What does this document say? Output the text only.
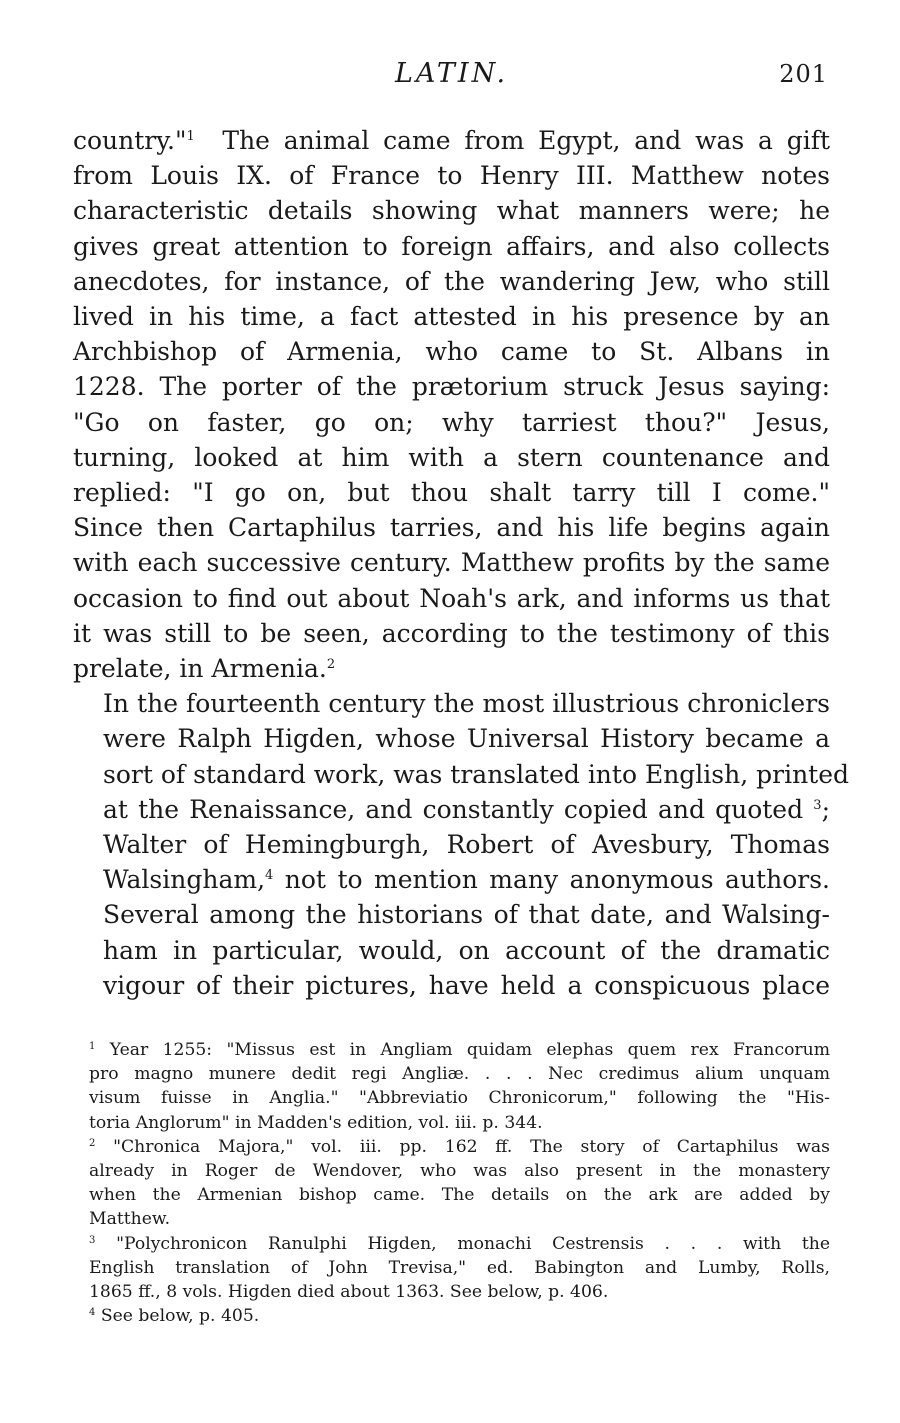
LATIN.	201

country."$^1$ The animal came from Egypt, and was a gift
from Louis IX. of France to Henry III. Matthew notes
characteristic details showing what manners were; he
gives great attention to foreign affairs, and also collects
anecdotes, for instance, of the wandering Jew, who still
lived in his time, a fact attested in his presence by an
Archbishop of Armenia, who came to St. Albans in
1228. The porter of the prætorium struck Jesus saying:
"Go on faster, go on; why tarriest thou?" Jesus,
turning, looked at him with a stern countenance and
replied: "I go on, but thou shalt tarry till I come."
Since then Cartaphilus tarries, and his life begins again
with each successive century. Matthew profits by the same
occasion to find out about Noah's ark, and informs us that
it was still to be seen, according to the testimony of this
prelate, in Armenia.$^2$

In the fourteenth century the most illustrious chroniclers
were Ralph Higden, whose Universal History became a
sort of standard work, was translated into English, printed
at the Renaissance, and constantly copied and quoted $^3$;
Walter of Hemingburgh, Robert of Avesbury, Thomas
Walsingham,$^4$ not to mention many anonymous authors.
Several among the historians of that date, and Walsing-
ham in particular, would, on account of the dramatic
vigour of their pictures, have held a conspicuous place

$^1$ Year 1255: "Missus est in Angliam quidam elephas quem rex Francorum
pro magno munere dedit regi Angliæ. . . . Nec credimus alium unquam
visum fuisse in Anglia." "Abbreviatio Chronicorum," following the "His-
toria Anglorum" in Madden's edition, vol. iii. p. 344.

$^2$ "Chronica Majora," vol. iii. pp. 162 ff. The story of Cartaphilus was
already in Roger de Wendover, who was also present in the monastery
when the Armenian bishop came. The details on the ark are added by
Matthew.

$^3$ "Polychronicon Ranulphi Higden, monachi Cestrensis . . . with the
English translation of John Trevisa," ed. Babington and Lumby, Rolls,
1865 ff., 8 vols. Higden died about 1363. See below, p. 406.

$^4$ See below, p. 405.
